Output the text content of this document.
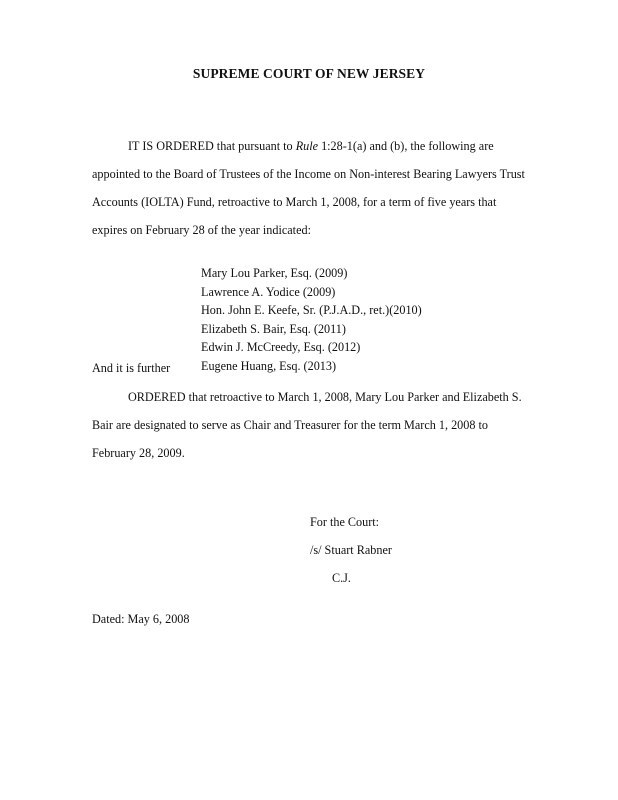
SUPREME COURT OF NEW JERSEY
IT IS ORDERED that pursuant to Rule 1:28-1(a) and (b), the following are
appointed to the Board of Trustees of the Income on Non-interest Bearing Lawyers Trust
Accounts (IOLTA) Fund, retroactive to March 1, 2008, for a term of five years that
expires on February 28 of the year indicated:
Mary Lou Parker, Esq. (2009)
Lawrence A. Yodice (2009)
Hon. John E. Keefe, Sr. (P.J.A.D., ret.)(2010)
Elizabeth S. Bair, Esq. (2011)
Edwin J. McCreedy, Esq. (2012)
Eugene Huang, Esq. (2013)
And it is further
ORDERED that retroactive to March 1, 2008, Mary Lou Parker and Elizabeth S.
Bair are designated to serve as Chair and Treasurer for the term March 1, 2008 to
February 28, 2009.
For the Court:
/s/ Stuart Rabner
C.J.
Dated: May 6, 2008
